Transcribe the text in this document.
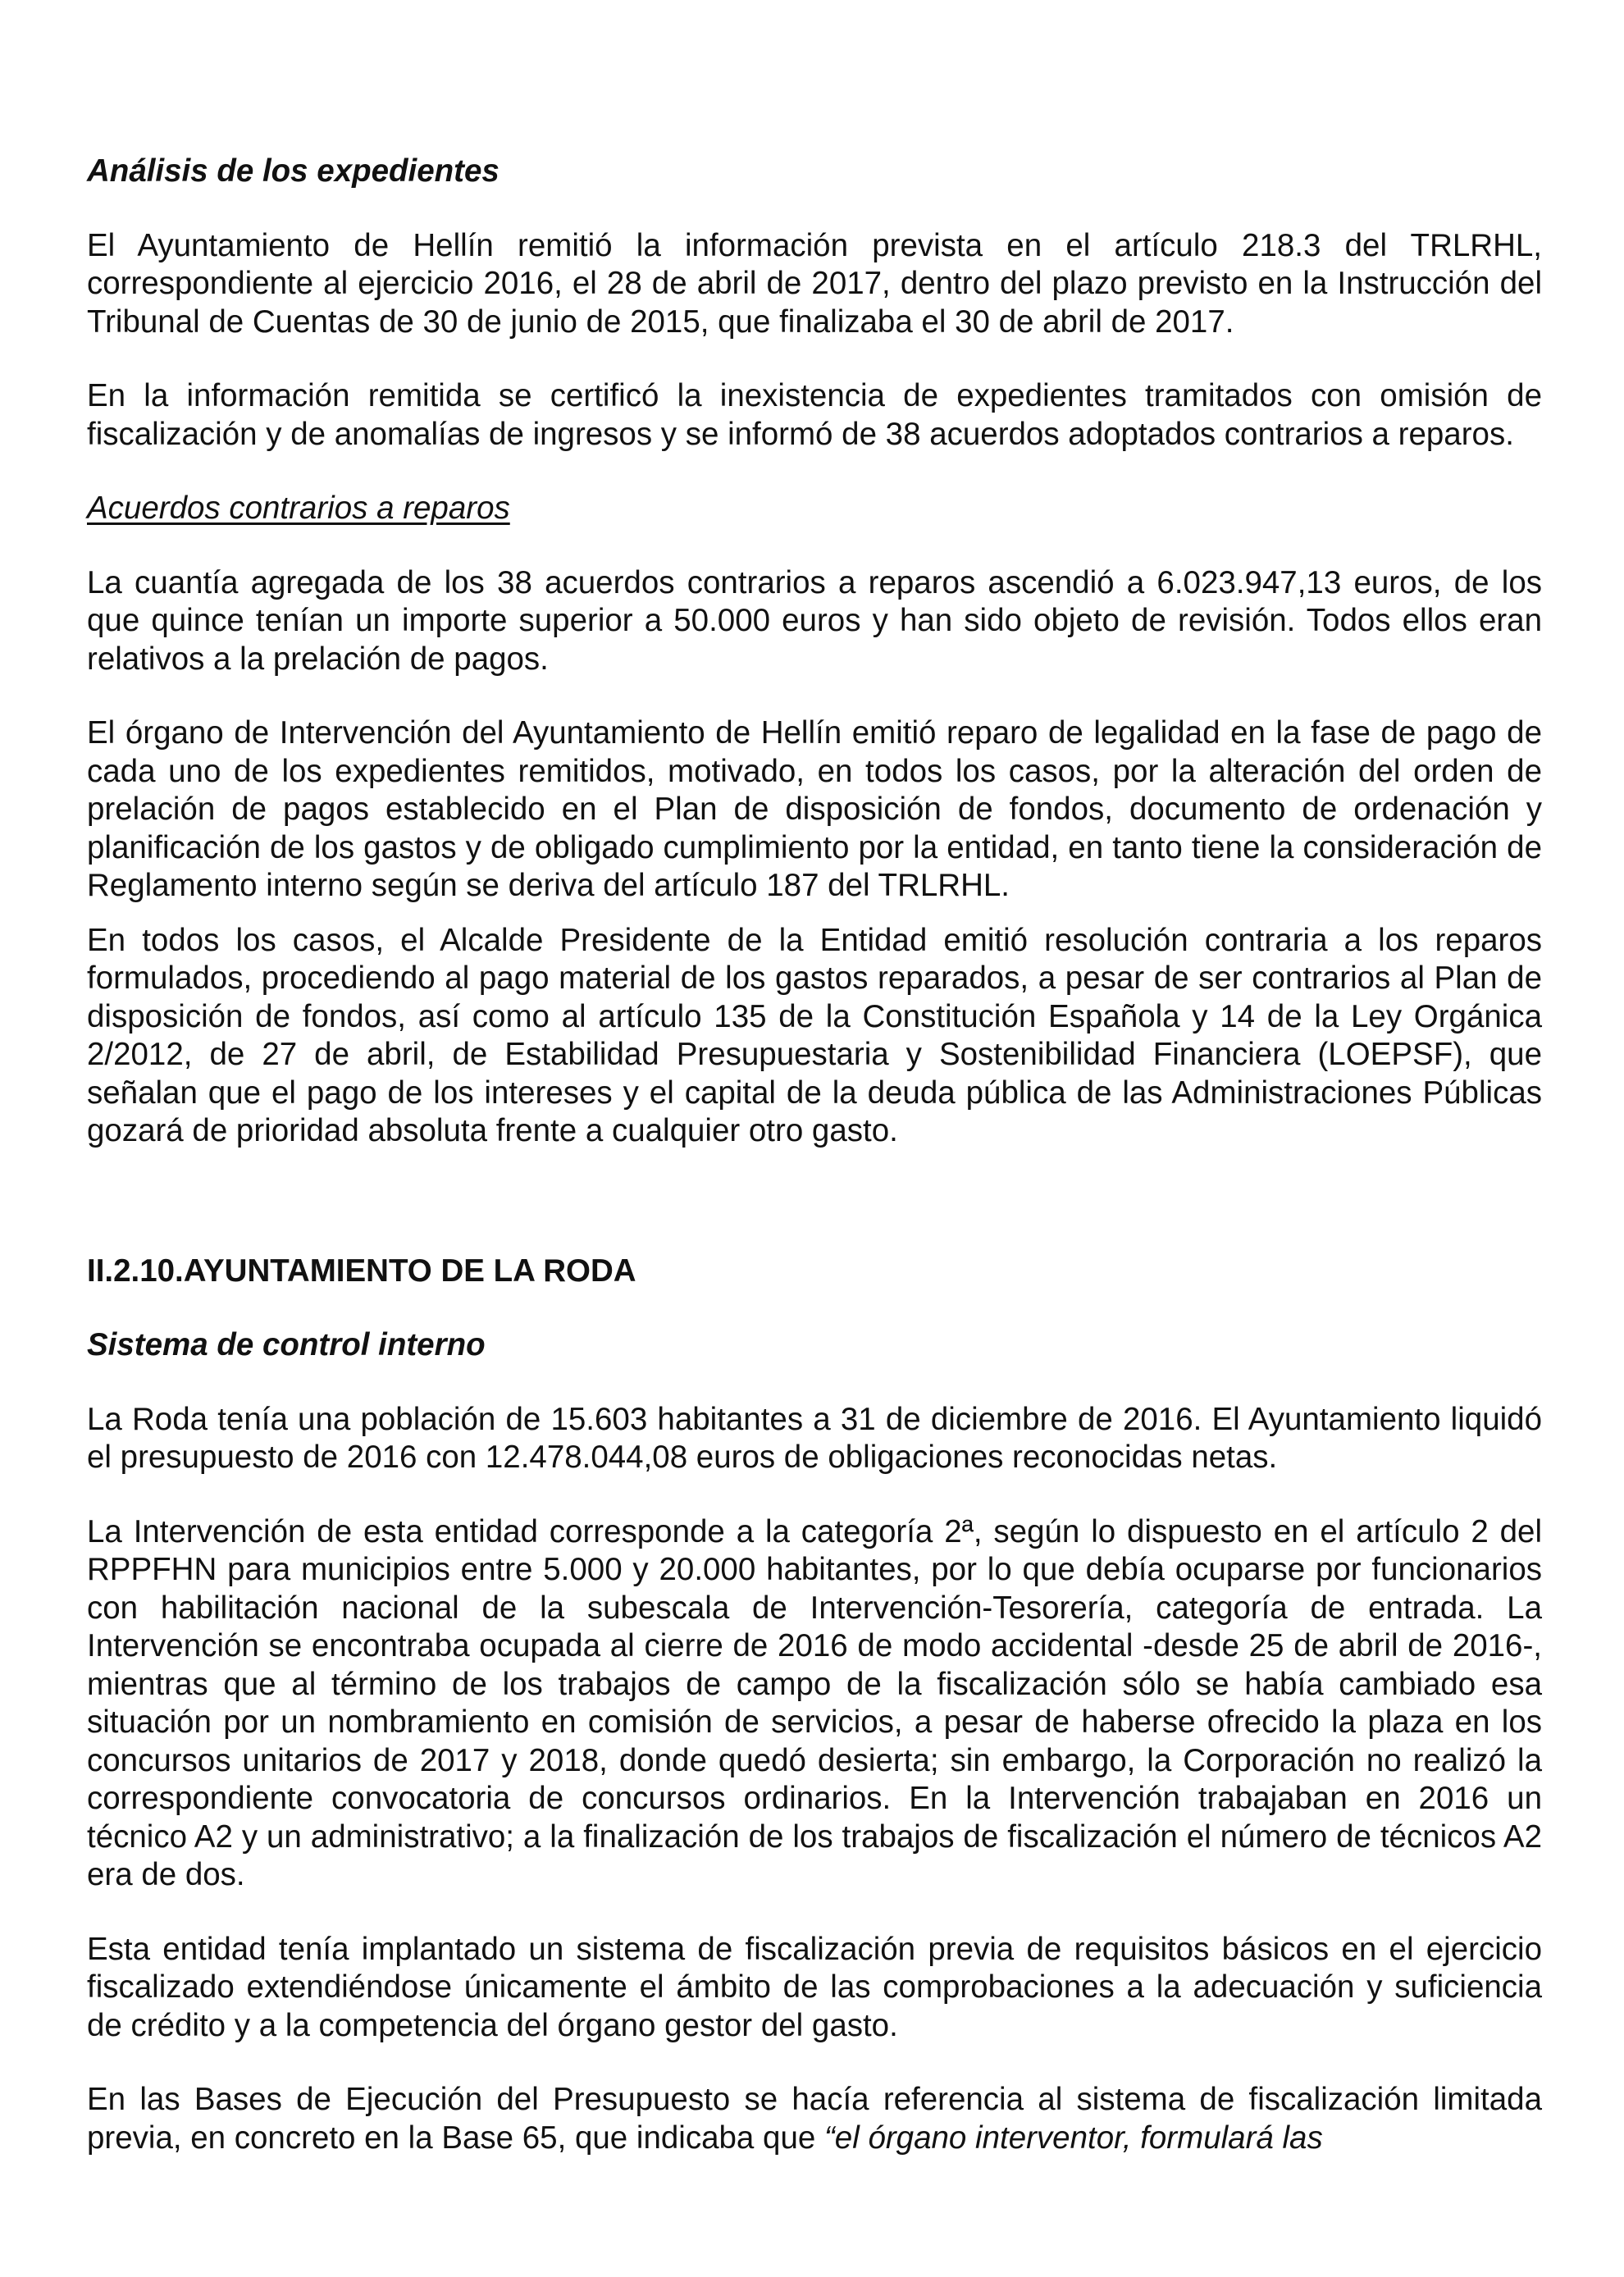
Análisis de los expedientes

El Ayuntamiento de Hellín remitió la información prevista en el artículo 218.3 del TRLRHL, correspondiente al ejercicio 2016, el 28 de abril de 2017, dentro del plazo previsto en la Instrucción del Tribunal de Cuentas de 30 de junio de 2015, que finalizaba el 30 de abril de 2017.

En la información remitida se certificó la inexistencia de expedientes tramitados con omisión de fiscalización y de anomalías de ingresos y se informó de 38 acuerdos adoptados contrarios a reparos.

Acuerdos contrarios a reparos

La cuantía agregada de los 38 acuerdos contrarios a reparos ascendió a 6.023.947,13 euros, de los que quince tenían un importe superior a 50.000 euros y han sido objeto de revisión. Todos ellos eran relativos a la prelación de pagos.

El órgano de Intervención del Ayuntamiento de Hellín emitió reparo de legalidad en la fase de pago de cada uno de los expedientes remitidos, motivado, en todos los casos, por la alteración del orden de prelación de pagos establecido en el Plan de disposición de fondos, documento de ordenación y planificación de los gastos y de obligado cumplimiento por la entidad, en tanto tiene la consideración de Reglamento interno según se deriva del artículo 187 del TRLRHL.

En todos los casos, el Alcalde Presidente de la Entidad emitió resolución contraria a los reparos formulados, procediendo al pago material de los gastos reparados, a pesar de ser contrarios al Plan de disposición de fondos, así como al artículo 135 de la Constitución Española y 14 de la Ley Orgánica 2/2012, de 27 de abril, de Estabilidad Presupuestaria y Sostenibilidad Financiera (LOEPSF), que señalan que el pago de los intereses y el capital de la deuda pública de las Administraciones Públicas gozará de prioridad absoluta frente a cualquier otro gasto.

II.2.10.AYUNTAMIENTO DE LA RODA

Sistema de control interno

La Roda tenía una población de 15.603 habitantes a 31 de diciembre de 2016. El Ayuntamiento liquidó el presupuesto de 2016 con 12.478.044,08 euros de obligaciones reconocidas netas.

La Intervención de esta entidad corresponde a la categoría 2ª, según lo dispuesto en el artículo 2 del RPPFHN para municipios entre 5.000 y 20.000 habitantes, por lo que debía ocuparse por funcionarios con habilitación nacional de la subescala de Intervención-Tesorería, categoría de entrada. La Intervención se encontraba ocupada al cierre de 2016 de modo accidental -desde 25 de abril de 2016-, mientras que al término de los trabajos de campo de la fiscalización sólo se había cambiado esa situación por un nombramiento en comisión de servicios, a pesar de haberse ofrecido la plaza en los concursos unitarios de 2017 y 2018, donde quedó desierta; sin embargo, la Corporación no realizó la correspondiente convocatoria de concursos ordinarios. En la Intervención trabajaban en 2016 un técnico A2 y un administrativo; a la finalización de los trabajos de fiscalización el número de técnicos A2 era de dos.

Esta entidad tenía implantado un sistema de fiscalización previa de requisitos básicos en el ejercicio fiscalizado extendiéndose únicamente el ámbito de las comprobaciones a la adecuación y suficiencia de crédito y a la competencia del órgano gestor del gasto.

En las Bases de Ejecución del Presupuesto se hacía referencia al sistema de fiscalización limitada previa, en concreto en la Base 65, que indicaba que “el órgano interventor, formulará las
